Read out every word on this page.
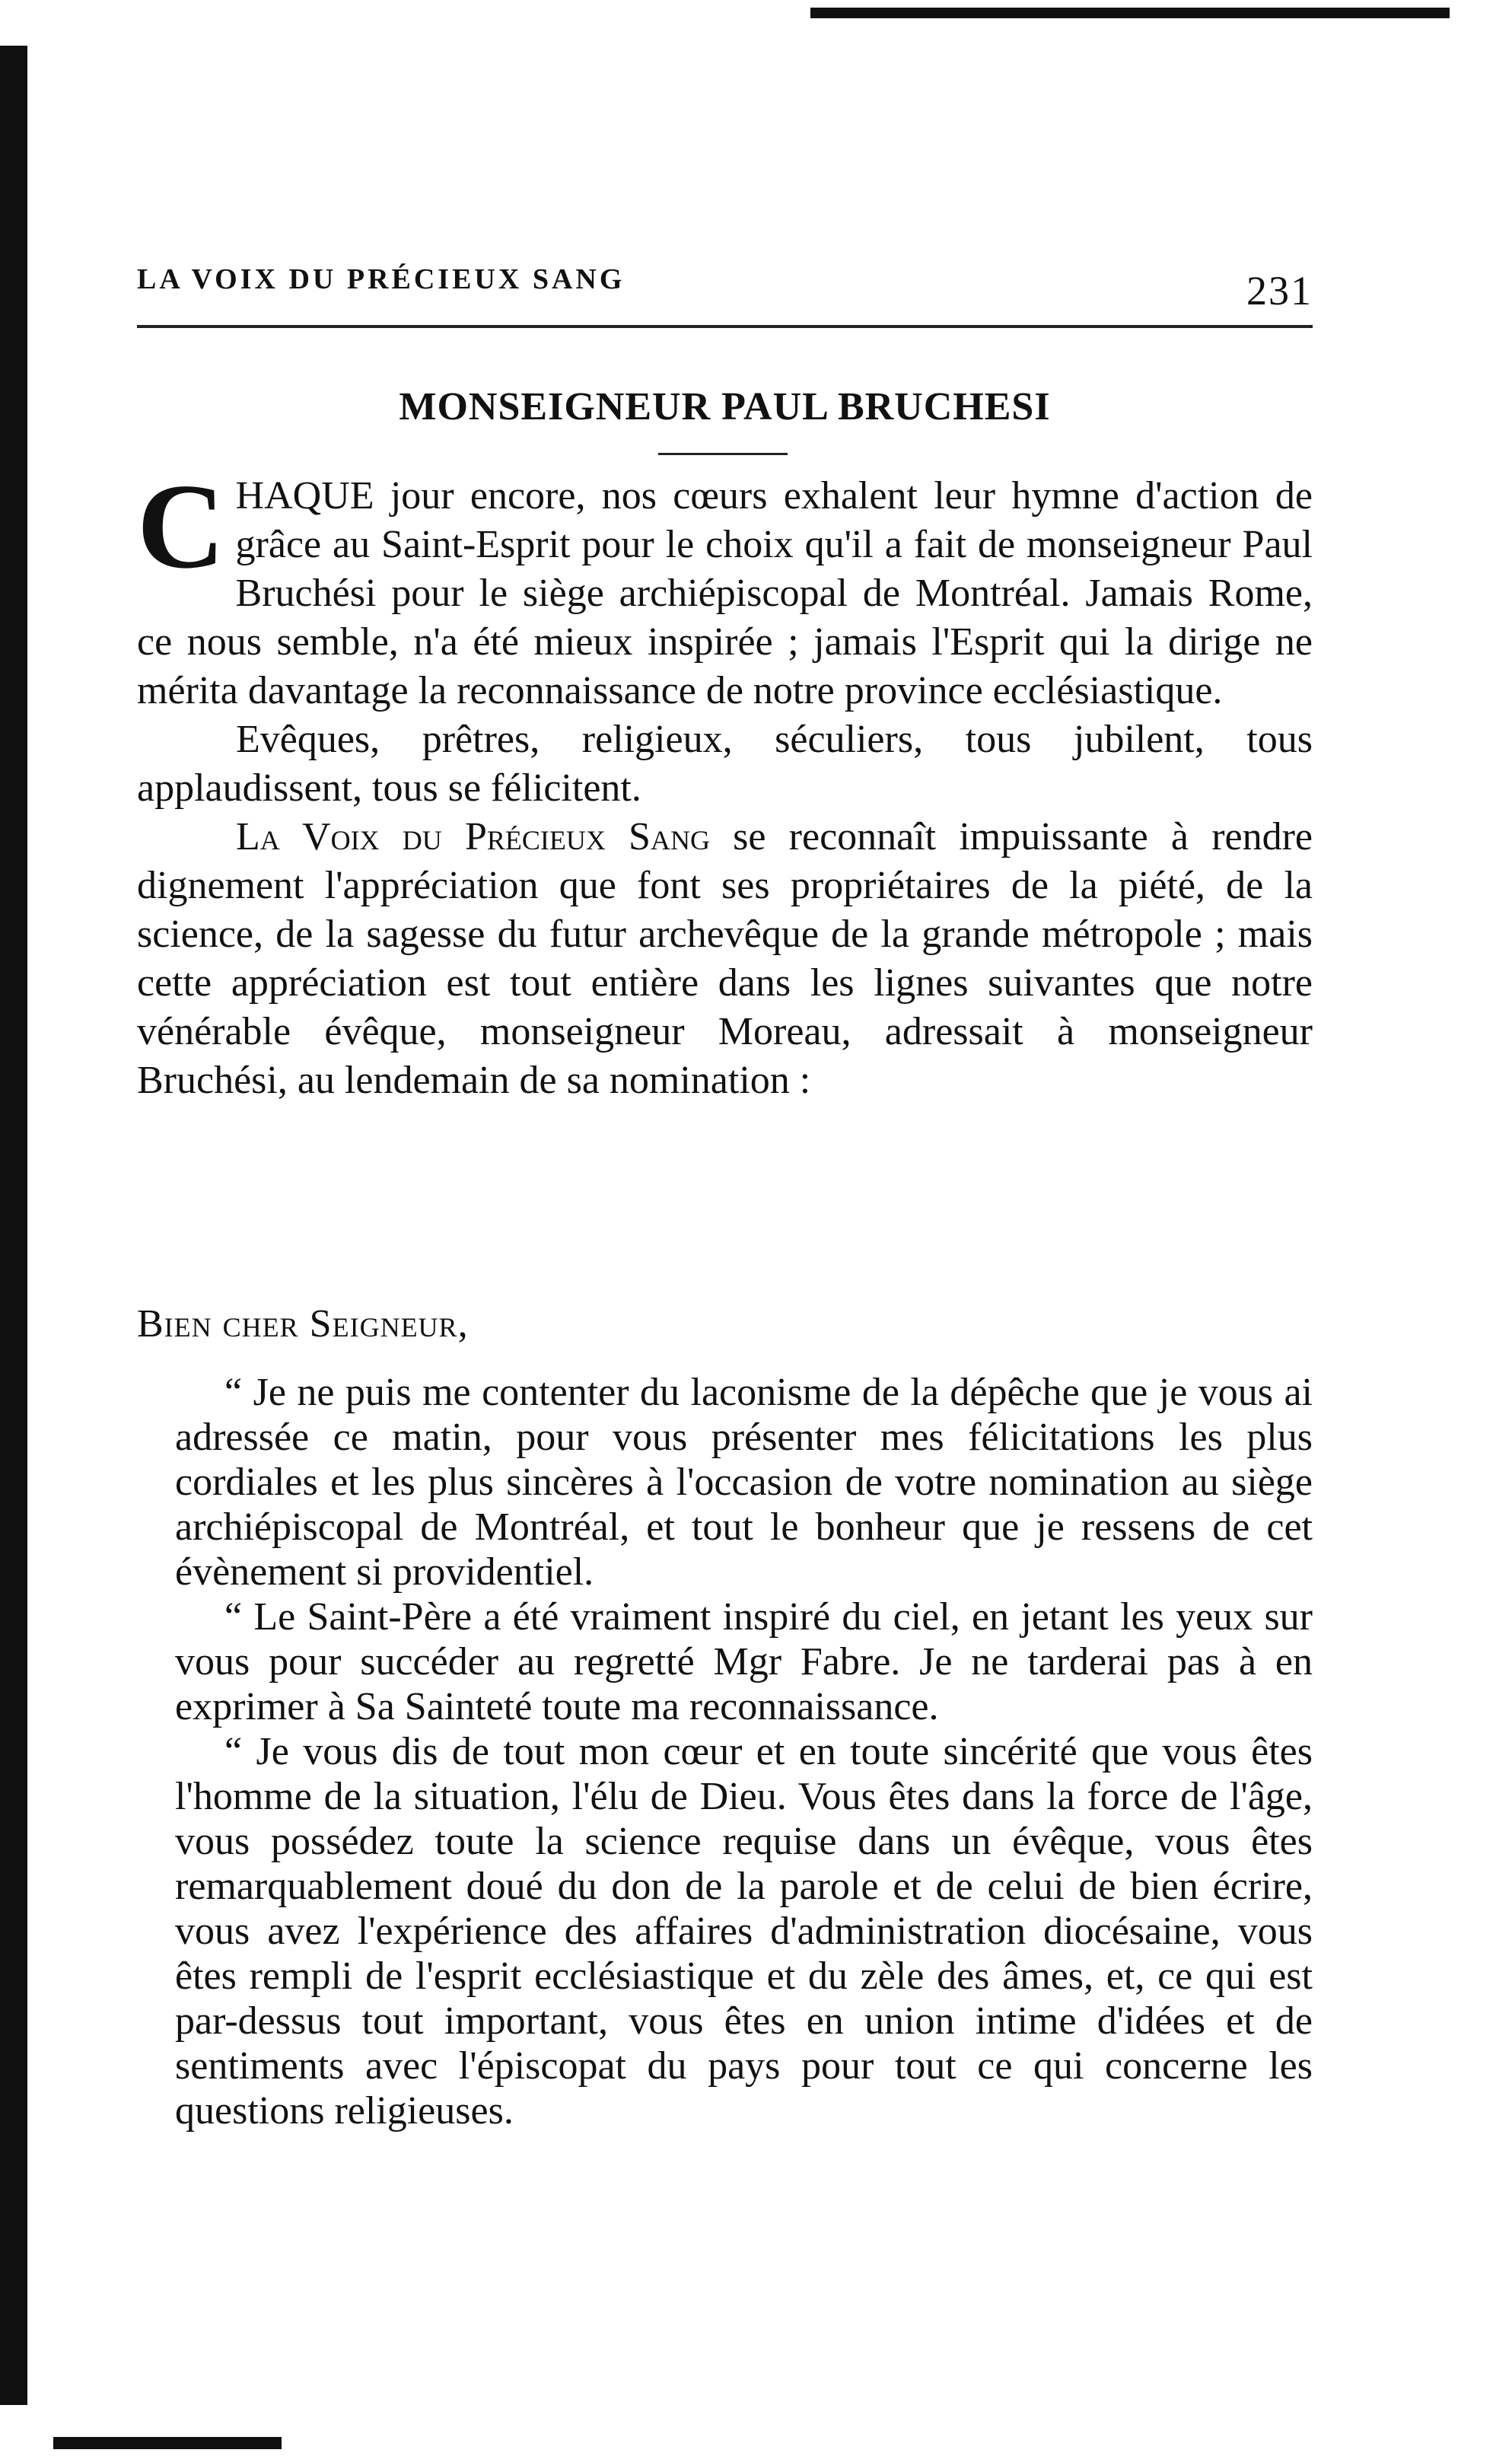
LA VOIX DU PRÉCIEUX SANG	231
MONSEIGNEUR PAUL BRUCHESI

CHAQUE jour encore, nos cœurs exhalent leur hymne d'action de grâce au Saint-Esprit pour le choix qu'il a fait de monseigneur Paul Bruchési pour le siège archiépiscopal de Montréal. Jamais Rome, ce nous semble, n'a été mieux inspirée ; jamais l'Esprit qui la dirige ne mérita davantage la reconnaissance de notre province ecclésiastique.

Evêques, prêtres, religieux, séculiers, tous jubilent, tous applaudissent, tous se félicitent.

La Voix du Précieux Sang se reconnaît impuissante à rendre dignement l'appréciation que font ses propriétaires de la piété, de la science, de la sagesse du futur archevêque de la grande métropole ; mais cette appréciation est tout entière dans les lignes suivantes que notre vénérable évêque, monseigneur Moreau, adressait à monseigneur Bruchési, au lendemain de sa nomination :

Bien cher Seigneur,

“ Je ne puis me contenter du laconisme de la dépêche que je vous ai adressée ce matin, pour vous présenter mes félicitations les plus cordiales et les plus sincères à l'occasion de votre nomination au siège archiépiscopal de Montréal, et tout le bonheur que je ressens de cet évènement si providentiel.

“ Le Saint-Père a été vraiment inspiré du ciel, en jetant les yeux sur vous pour succéder au regretté Mgr Fabre. Je ne tarderai pas à en exprimer à Sa Sainteté toute ma reconnaissance.

“ Je vous dis de tout mon cœur et en toute sincérité que vous êtes l'homme de la situation, l'élu de Dieu. Vous êtes dans la force de l'âge, vous possédez toute la science requise dans un évêque, vous êtes remarquablement doué du don de la parole et de celui de bien écrire, vous avez l'expérience des affaires d'administration diocésaine, vous êtes rempli de l'esprit ecclésiastique et du zèle des âmes, et, ce qui est par-dessus tout important, vous êtes en union intime d'idées et de sentiments avec l'épiscopat du pays pour tout ce qui concerne les questions religieuses.
